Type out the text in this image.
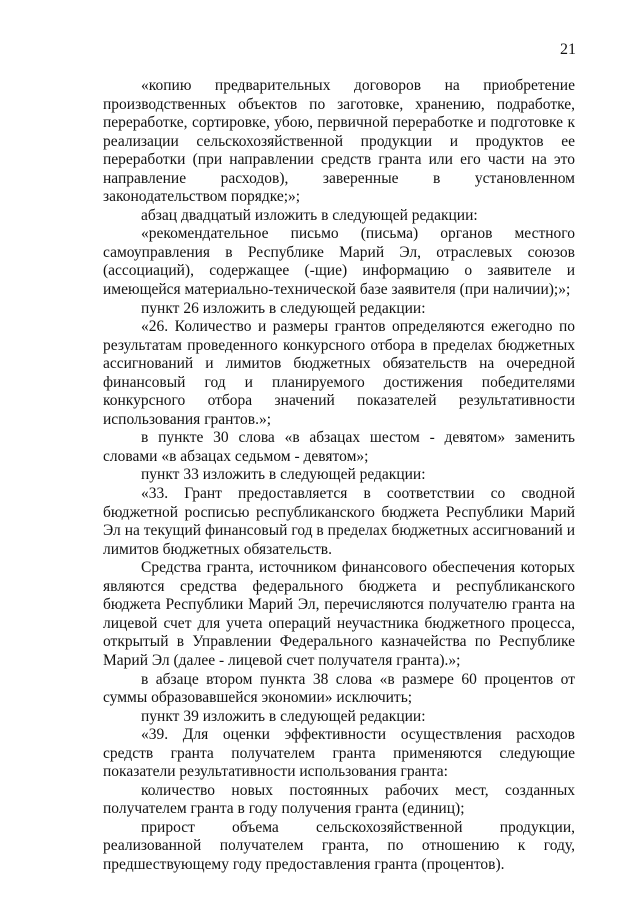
21

«копию предварительных договоров на приобретение производственных объектов по заготовке, хранению, подработке, переработке, сортировке, убою, первичной переработке и подготовке к реализации сельскохозяйственной продукции и продуктов ее переработки (при направлении средств гранта или его части на это направление расходов), заверенные в установленном законодательством порядке;»;

абзац двадцатый изложить в следующей редакции:

«рекомендательное письмо (письма) органов местного самоуправления в Республике Марий Эл, отраслевых союзов (ассоциаций), содержащее (-щие) информацию о заявителе и имеющейся материально-технической базе заявителя (при наличии);»;

пункт 26 изложить в следующей редакции:

«26. Количество и размеры грантов определяются ежегодно по результатам проведенного конкурсного отбора в пределах бюджетных ассигнований и лимитов бюджетных обязательств на очередной финансовый год и планируемого достижения победителями конкурсного отбора значений показателей результативности использования грантов.»;

в пункте 30 слова «в абзацах шестом - девятом» заменить словами «в абзацах седьмом - девятом»;

пункт 33 изложить в следующей редакции:

«33. Грант предоставляется в соответствии со сводной бюджетной росписью республиканского бюджета Республики Марий Эл на текущий финансовый год в пределах бюджетных ассигнований и лимитов бюджетных обязательств.

Средства гранта, источником финансового обеспечения которых являются средства федерального бюджета и республиканского бюджета Республики Марий Эл, перечисляются получателю гранта на лицевой счет для учета операций неучастника бюджетного процесса, открытый в Управлении Федерального казначейства по Республике Марий Эл (далее - лицевой счет получателя гранта).»;

в абзаце втором пункта 38 слова «в размере 60 процентов от суммы образовавшейся экономии» исключить;

пункт 39 изложить в следующей редакции:

«39. Для оценки эффективности осуществления расходов средств гранта получателем гранта применяются следующие показатели результативности использования гранта:

количество новых постоянных рабочих мест, созданных получателем гранта в году получения гранта (единиц);

прирост объема сельскохозяйственной продукции, реализованной получателем гранта, по отношению к году, предшествующему году предоставления гранта (процентов).
